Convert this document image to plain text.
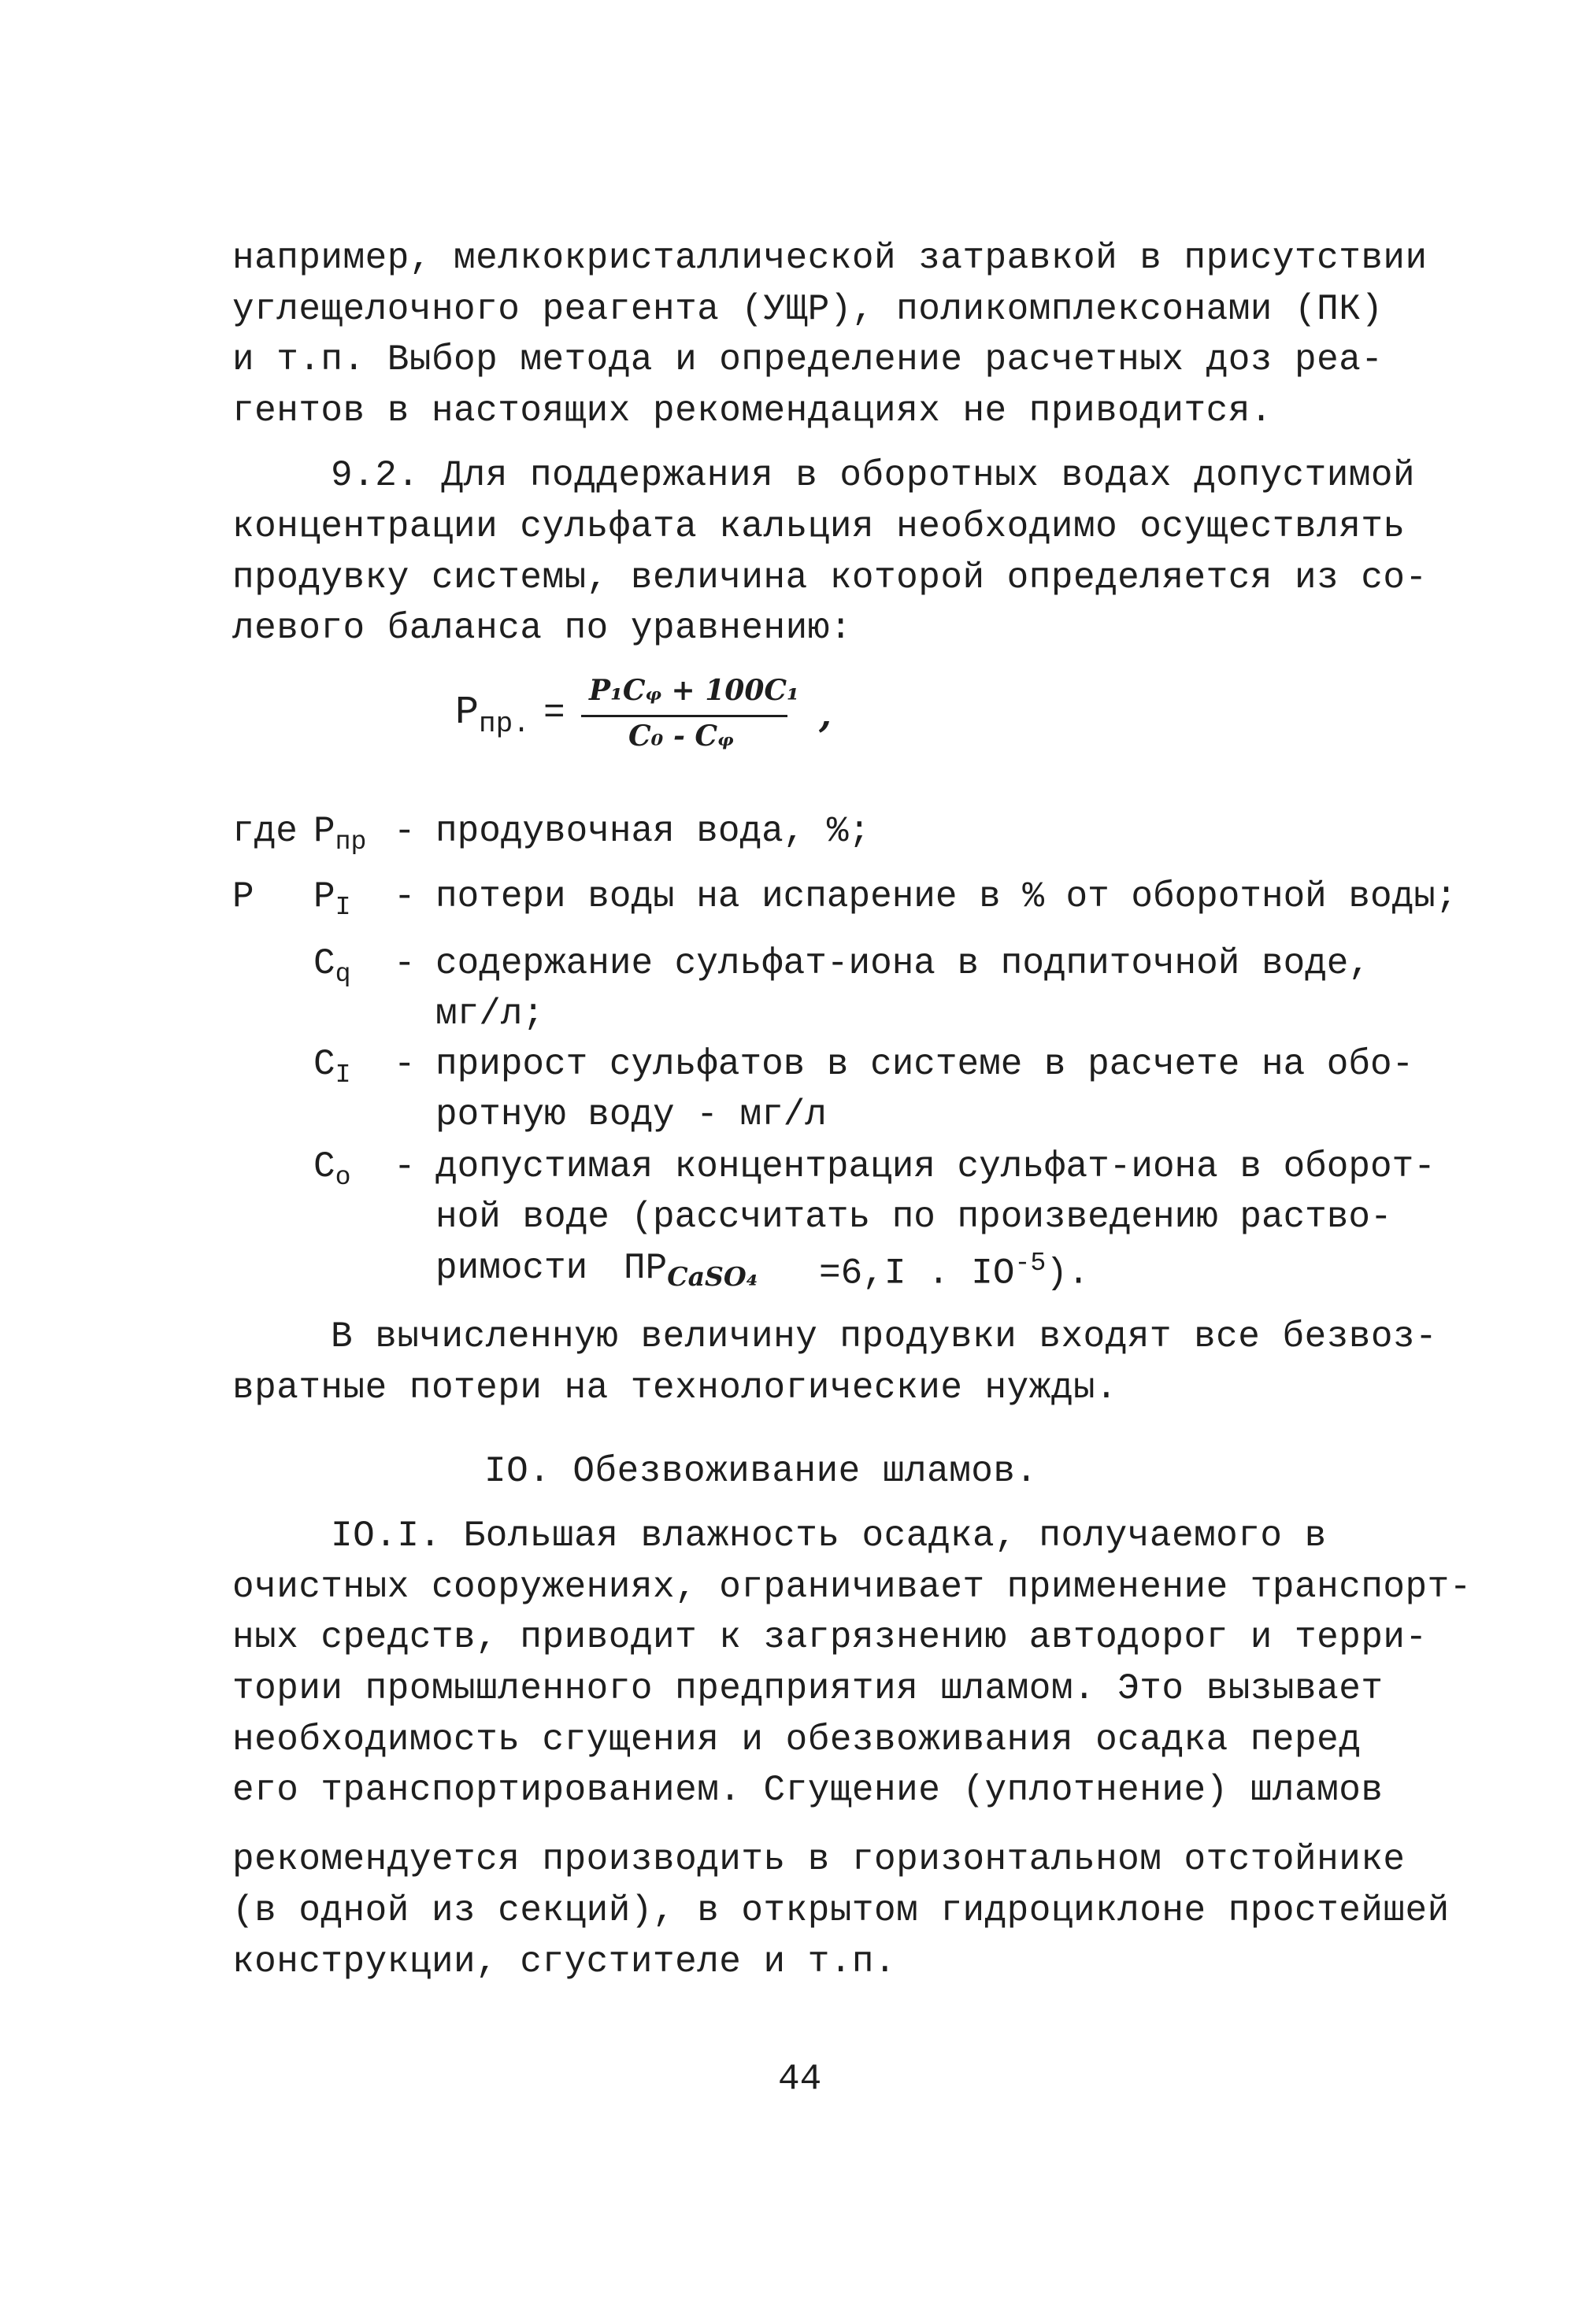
например, мелкокристаллической затравкой в присутствии
углещелочного реагента (УЩР), поликомплексонами (ПК)
и т.п. Выбор метода и определение расчетных доз реа-
гентов в настоящих рекомендациях не приводится.
9.2. Для поддержания в оборотных водах допустимой
концентрации сульфата кальция необходимо осуществлять
продувку системы, величина которой определяется из со-
левого баланса по уравнению:
$P_{пр.}$ =
P₁Cᵩ + 100C₁
C₀ - Cᵩ
,
где
P
$P_{пр}$ - продувочная вода, %;
$P_I$ - потери воды на испарение в % от оборотной воды;
$C_q$ - содержание сульфат-иона в подпиточной воде,
мг/л;
$C_I$ - прирост сульфатов в системе в расчете на обо-
ротную воду - мг/л
$C_о$ - допустимая концентрация сульфат-иона в оборот-
ной воде (рассчитать по произведению раство-
римости $ПР_{CaSO_4} =6,I$ . $IO^{-5}$).
В вычисленную величину продувки входят все безвоз-
вратные потери на технологические нужды.
IO. Обезвоживание шламов.
IO.I. Большая влажность осадка, получаемого в
очистных сооружениях, ограничивает применение транспорт-
ных средств, приводит к загрязнению автодорог и терри-
тории промышленного предприятия шламом. Это вызывает
необходимость сгущения и обезвоживания осадка перед
его транспортированием. Сгущение (уплотнение) шламов
рекомендуется производить в горизонтальном отстойнике
(в одной из секций), в открытом гидроциклоне простейшей
конструкции, сгустителе и т.п.
44
